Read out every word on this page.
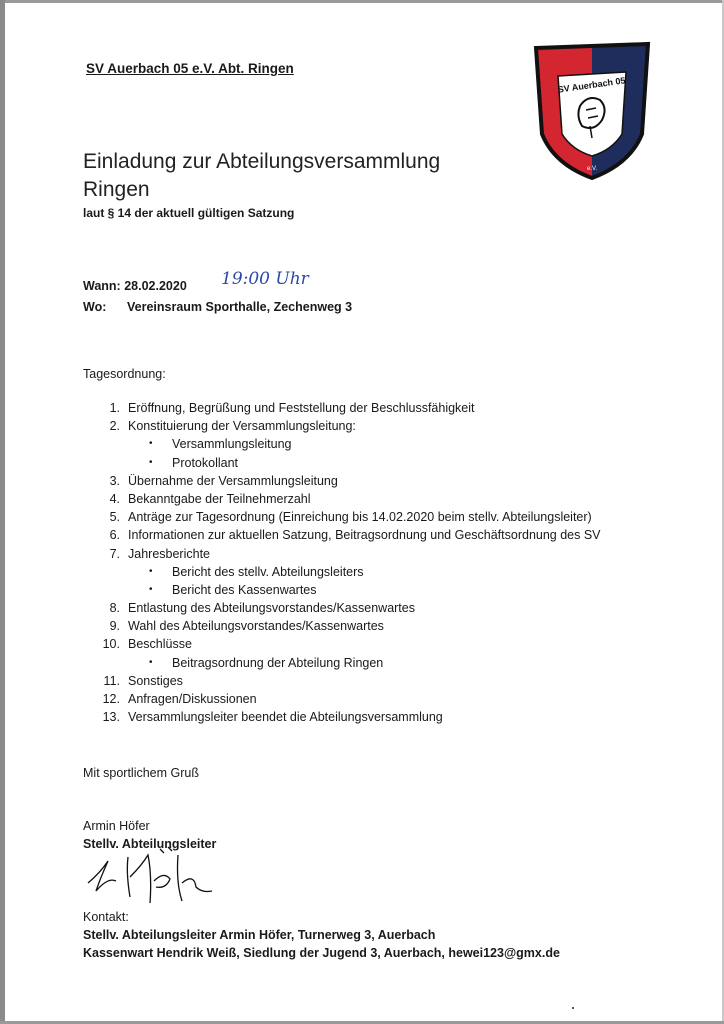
SV Auerbach 05 e.V. Abt. Ringen
SV Auerbach 05
e.V.
Einladung zur Abteilungsversammlung
Ringen
laut § 14 der aktuell gültigen Satzung
Wann: 28.02.2020 19:00 Uhr
Wo: Vereinsraum Sporthalle, Zechenweg 3
Tagesordnung:
1. Eröffnung, Begrüßung und Feststellung der Beschlussfähigkeit
2. Konstituierung der Versammlungsleitung:
• Versammlungsleitung
• Protokollant
3. Übernahme der Versammlungsleitung
4. Bekanntgabe der Teilnehmerzahl
5. Anträge zur Tagesordnung (Einreichung bis 14.02.2020 beim stellv. Abteilungsleiter)
6. Informationen zur aktuellen Satzung, Beitragsordnung und Geschäftsordnung des SV
7. Jahresberichte
• Bericht des stellv. Abteilungsleiters
• Bericht des Kassenwartes
8. Entlastung des Abteilungsvorstandes/Kassenwartes
9. Wahl des Abteilungsvorstandes/Kassenwartes
10. Beschlüsse
• Beitragsordnung der Abteilung Ringen
11. Sonstiges
12. Anfragen/Diskussionen
13. Versammlungsleiter beendet die Abteilungsversammlung
Mit sportlichem Gruß
Armin Höfer
Stellv. Abteilungsleiter
Kontakt:
Stellv. Abteilungsleiter Armin Höfer, Turnerweg 3, Auerbach
Kassenwart Hendrik Weiß, Siedlung der Jugend 3, Auerbach, hewei123@gmx.de
